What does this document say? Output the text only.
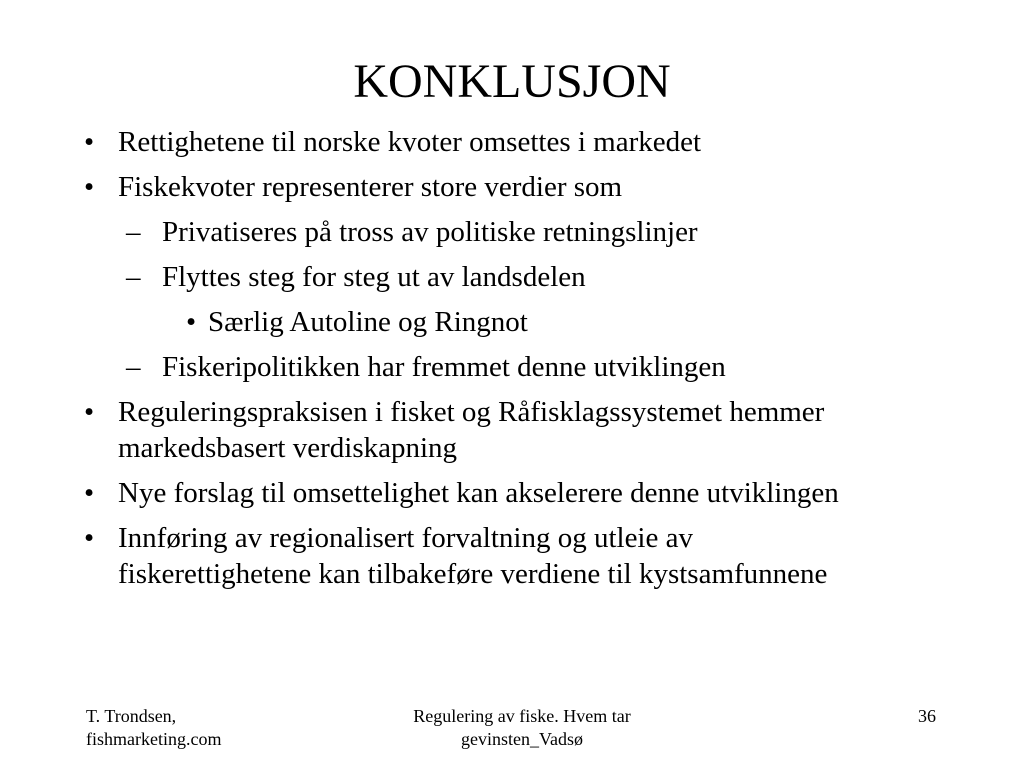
KONKLUSJON
• Rettighetene til norske kvoter omsettes i markedet
• Fiskekvoter representerer store verdier som
– Privatiseres på tross av politiske retningslinjer
– Flyttes steg for steg ut av landsdelen
• Særlig Autoline og Ringnot
– Fiskeripolitikken har fremmet denne utviklingen
• Reguleringspraksisen i fisket og Råfisklagssystemet hemmer markedsbasert verdiskapning
• Nye forslag til omsettelighet kan akselerere denne utviklingen
• Innføring av regionalisert forvaltning og utleie av fiskerettighetene kan tilbakeføre verdiene til kystsamfunnene
T. Trondsen,
fishmarketing.com
Regulering av fiske. Hvem tar
gevinsten_Vadsø
36
